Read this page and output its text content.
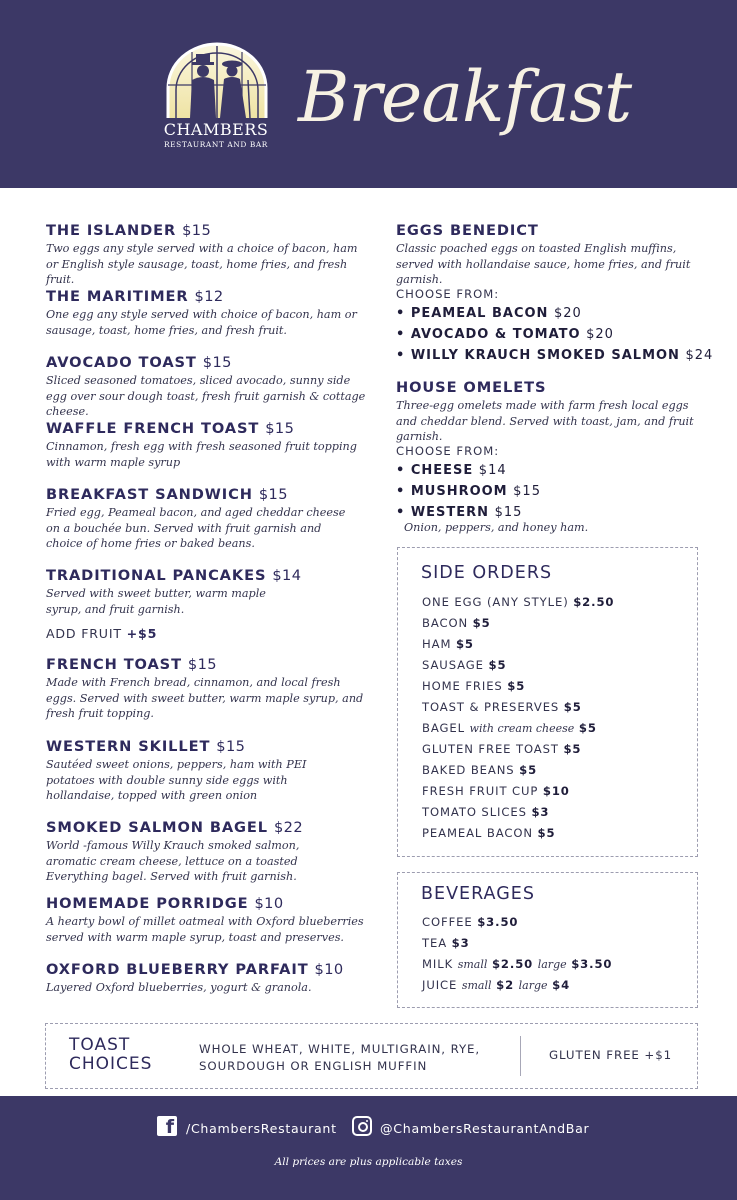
CHAMBERS
RESTAURANT AND BAR
Breakfast
THE ISLANDER $15
Two eggs any style served with a choice of bacon, ham or English style sausage, toast, home fries, and fresh fruit.
THE MARITIMER $12
One egg any style served with choice of bacon, ham or sausage, toast, home fries, and fresh fruit.
AVOCADO TOAST $15
Sliced seasoned tomatoes, sliced avocado, sunny side egg over sour dough toast, fresh fruit garnish & cottage cheese.
WAFFLE FRENCH TOAST $15
Cinnamon, fresh egg with fresh seasoned fruit topping with warm maple syrup
BREAKFAST SANDWICH $15
Fried egg, Peameal bacon, and aged cheddar cheese on a bouchée bun. Served with fruit garnish and choice of home fries or baked beans.
TRADITIONAL PANCAKES $14
Served with sweet butter, warm maple syrup, and fruit garnish.
ADD FRUIT +$5
FRENCH TOAST $15
Made with French bread, cinnamon, and local fresh eggs. Served with sweet butter, warm maple syrup, and fresh fruit topping.
WESTERN SKILLET $15
Sautéed sweet onions, peppers, ham with PEI potatoes with double sunny side eggs with hollandaise, topped with green onion
SMOKED SALMON BAGEL $22
World -famous Willy Krauch smoked salmon, aromatic cream cheese, lettuce on a toasted Everything bagel. Served with fruit garnish.
HOMEMADE PORRIDGE $10
A hearty bowl of millet oatmeal with Oxford blueberries served with warm maple syrup, toast and preserves.
OXFORD BLUEBERRY PARFAIT $10
Layered Oxford blueberries, yogurt & granola.
EGGS BENEDICT
Classic poached eggs on toasted English muffins, served with hollandaise sauce, home fries, and fruit garnish.
CHOOSE FROM:
• PEAMEAL BACON $20
• AVOCADO & TOMATO $20
• WILLY KRAUCH SMOKED SALMON $24
HOUSE OMELETS
Three-egg omelets made with farm fresh local eggs and cheddar blend. Served with toast, jam, and fruit garnish.
CHOOSE FROM:
• CHEESE $14
• MUSHROOM $15
• WESTERN $15
Onion, peppers, and honey ham.
SIDE ORDERS
ONE EGG (ANY STYLE) $2.50
BACON $5
HAM $5
SAUSAGE $5
HOME FRIES $5
TOAST & PRESERVES $5
BAGEL with cream cheese $5
GLUTEN FREE TOAST $5
BAKED BEANS $5
FRESH FRUIT CUP $10
TOMATO SLICES $3
PEAMEAL BACON $5
BEVERAGES
COFFEE $3.50
TEA $3
MILK small $2.50 large $3.50
JUICE small $2 large $4
TOAST
CHOICES
WHOLE WHEAT, WHITE, MULTIGRAIN, RYE,
SOURDOUGH OR ENGLISH MUFFIN
GLUTEN FREE +$1
f /ChambersRestaurant	@ChambersRestaurantAndBar
All prices are plus applicable taxes
